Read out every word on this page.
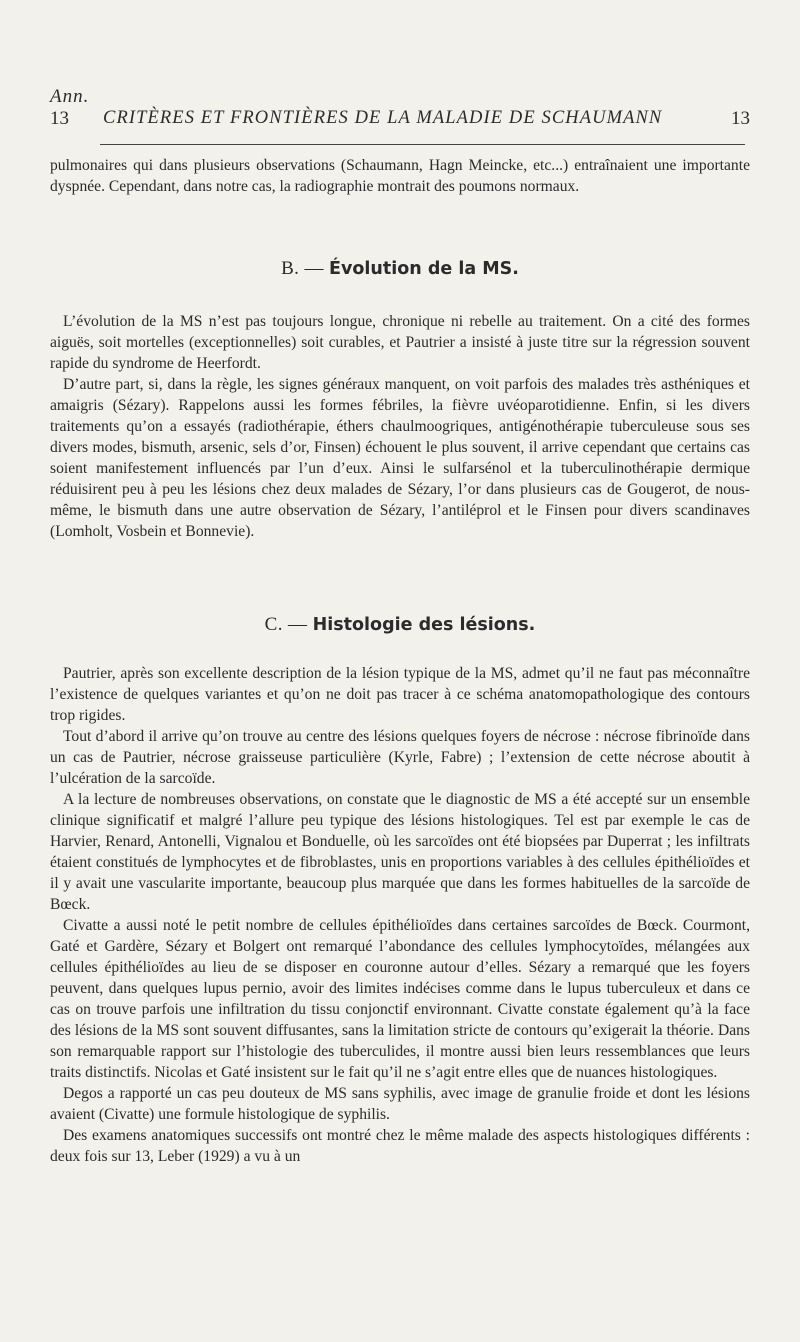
Ann.
13 CRITÈRES ET FRONTIÈRES DE LA MALADIE DE SCHAUMANN	13

pulmonaires qui dans plusieurs observations (Schaumann, Hagn Meincke, etc...) entraînaient une importante dyspnée. Cependant, dans notre cas, la radiographie montrait des poumons normaux.

B. — Évolution de la MS.

L’évolution de la MS n’est pas toujours longue, chronique ni rebelle au traitement. On a cité des formes aiguës, soit mortelles (exceptionnelles) soit curables, et Pautrier a insisté à juste titre sur la régression souvent rapide du syndrome de Heerfordt.

D’autre part, si, dans la règle, les signes généraux manquent, on voit parfois des malades très asthéniques et amaigris (Sézary). Rappelons aussi les formes fébriles, la fièvre uvéoparotidienne. Enfin, si les divers traitements qu’on a essayés (radiothérapie, éthers chaulmoogriques, antigénothérapie tuberculeuse sous ses divers modes, bismuth, arsenic, sels d’or, Finsen) échouent le plus souvent, il arrive cependant que certains cas soient manifestement influencés par l’un d’eux. Ainsi le sulfarsénol et la tuberculinothérapie dermique réduisirent peu à peu les lésions chez deux malades de Sézary, l’or dans plusieurs cas de Gougerot, de nous-même, le bismuth dans une autre observation de Sézary, l’antiléprol et le Finsen pour divers scandinaves (Lomholt, Vosbein et Bonnevie).

C. — Histologie des lésions.

Pautrier, après son excellente description de la lésion typique de la MS, admet qu’il ne faut pas méconnaître l’existence de quelques variantes et qu’on ne doit pas tracer à ce schéma anatomopathologique des contours trop rigides.

Tout d’abord il arrive qu’on trouve au centre des lésions quelques foyers de nécrose : nécrose fibrinoïde dans un cas de Pautrier, nécrose graisseuse particulière (Kyrle, Fabre) ; l’extension de cette nécrose aboutit à l’ulcération de la sarcoïde.

A la lecture de nombreuses observations, on constate que le diagnostic de MS a été accepté sur un ensemble clinique significatif et malgré l’allure peu typique des lésions histologiques. Tel est par exemple le cas de Harvier, Renard, Antonelli, Vignalou et Bonduelle, où les sarcoïdes ont été biopsées par Duperrat ; les infiltrats étaient constitués de lymphocytes et de fibroblastes, unis en proportions variables à des cellules épithélioïdes et il y avait une vascularite importante, beaucoup plus marquée que dans les formes habituelles de la sarcoïde de Bœck.

Civatte a aussi noté le petit nombre de cellules épithélioïdes dans certaines sarcoïdes de Bœck. Courmont, Gaté et Gardère, Sézary et Bolgert ont remarqué l’abondance des cellules lymphocytoïdes, mélangées aux cellules épithélioïdes au lieu de se disposer en couronne autour d’elles. Sézary a remarqué que les foyers peuvent, dans quelques lupus pernio, avoir des limites indécises comme dans le lupus tuberculeux et dans ce cas on trouve parfois une infiltration du tissu conjonctif environnant. Civatte constate également qu’à la face des lésions de la MS sont souvent diffusantes, sans la limitation stricte de contours qu’exigerait la théorie. Dans son remarquable rapport sur l’histologie des tuberculides, il montre aussi bien leurs ressemblances que leurs traits distinctifs. Nicolas et Gaté insistent sur le fait qu’il ne s’agit entre elles que de nuances histologiques.

Degos a rapporté un cas peu douteux de MS sans syphilis, avec image de granulie froide et dont les lésions avaient (Civatte) une formule histologique de syphilis.

Des examens anatomiques successifs ont montré chez le même malade des aspects histologiques différents : deux fois sur 13, Leber (1929) a vu à un
